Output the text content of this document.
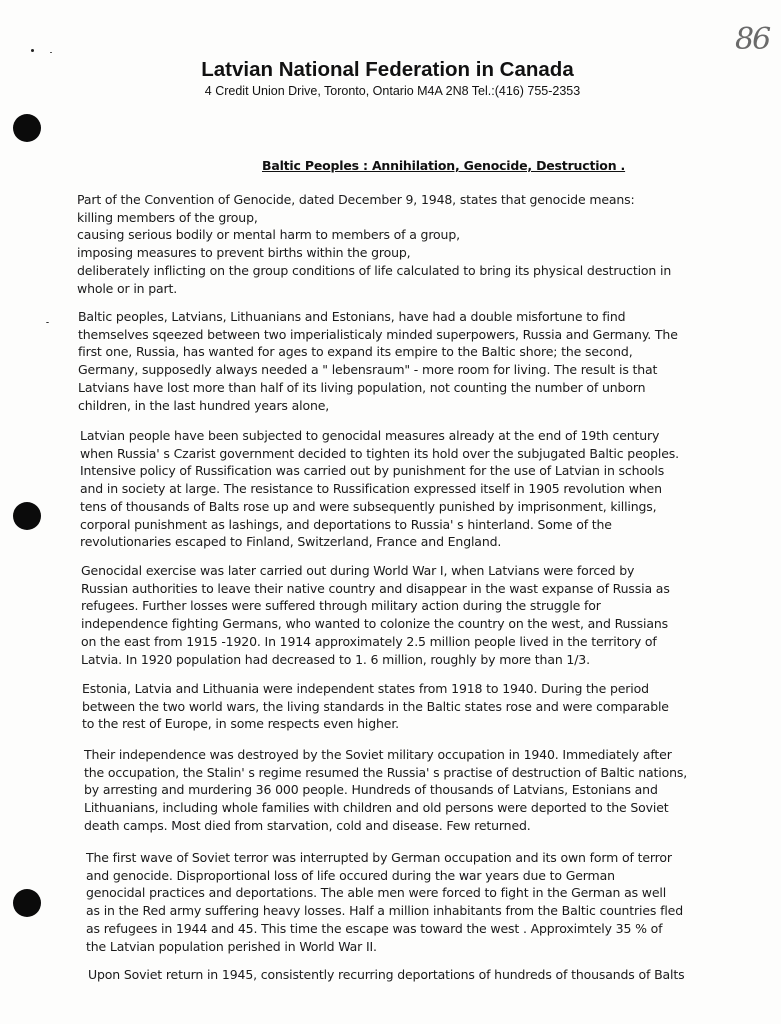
86
Latvian National Federation in Canada
4 Credit Union Drive, Toronto, Ontario M4A 2N8 Tel.:(416) 755-2353
Baltic Peoples : Annihilation, Genocide, Destruction .
Part of the Convention of Genocide, dated December 9, 1948, states that genocide means:
killing members of the group,
causing serious bodily or mental harm to members of a group,
imposing measures to prevent births within the group,
deliberately inflicting on the group conditions of life calculated to bring its physical destruction in
whole or in part.
Baltic peoples, Latvians, Lithuanians and Estonians, have had a double misfortune to find
themselves sqeezed between two imperialisticaly minded superpowers, Russia and Germany. The
first one, Russia, has wanted for ages to expand its empire to the Baltic shore; the second,
Germany, supposedly always needed a " lebensraum" - more room for living. The result is that
Latvians have lost more than half of its living population, not counting the number of unborn
children, in the last hundred years alone,
Latvian people have been subjected to genocidal measures already at the end of 19th century
when Russia' s Czarist government decided to tighten its hold over the subjugated Baltic peoples.
Intensive policy of Russification was carried out by punishment for the use of Latvian in schools
and in society at large. The resistance to Russification expressed itself in 1905 revolution when
tens of thousands of Balts rose up and were subsequently punished by imprisonment, killings,
corporal punishment as lashings, and deportations to Russia' s hinterland. Some of the
revolutionaries escaped to Finland, Switzerland, France and England.
Genocidal exercise was later carried out during World War I, when Latvians were forced by
Russian authorities to leave their native country and disappear in the wast expanse of Russia as
refugees. Further losses were suffered through military action during the struggle for
independence fighting Germans, who wanted to colonize the country on the west, and Russians
on the east from 1915 -1920. In 1914 approximately 2.5 million people lived in the territory of
Latvia. In 1920 population had decreased to 1. 6 million, roughly by more than 1/3.
Estonia, Latvia and Lithuania were independent states from 1918 to 1940. During the period
between the two world wars, the living standards in the Baltic states rose and were comparable
to the rest of Europe, in some respects even higher.
Their independence was destroyed by the Soviet military occupation in 1940. Immediately after
the occupation, the Stalin' s regime resumed the Russia' s practise of destruction of Baltic nations,
by arresting and murdering 36 000 people. Hundreds of thousands of Latvians, Estonians and
Lithuanians, including whole families with children and old persons were deported to the Soviet
death camps. Most died from starvation, cold and disease. Few returned.
The first wave of Soviet terror was interrupted by German occupation and its own form of terror
and genocide. Disproportional loss of life occured during the war years due to German
genocidal practices and deportations. The able men were forced to fight in the German as well
as in the Red army suffering heavy losses. Half a million inhabitants from the Baltic countries fled
as refugees in 1944 and 45. This time the escape was toward the west . Approximtely 35 % of
the Latvian population perished in World War II.
Upon Soviet return in 1945, consistently recurring deportations of hundreds of thousands of Balts
